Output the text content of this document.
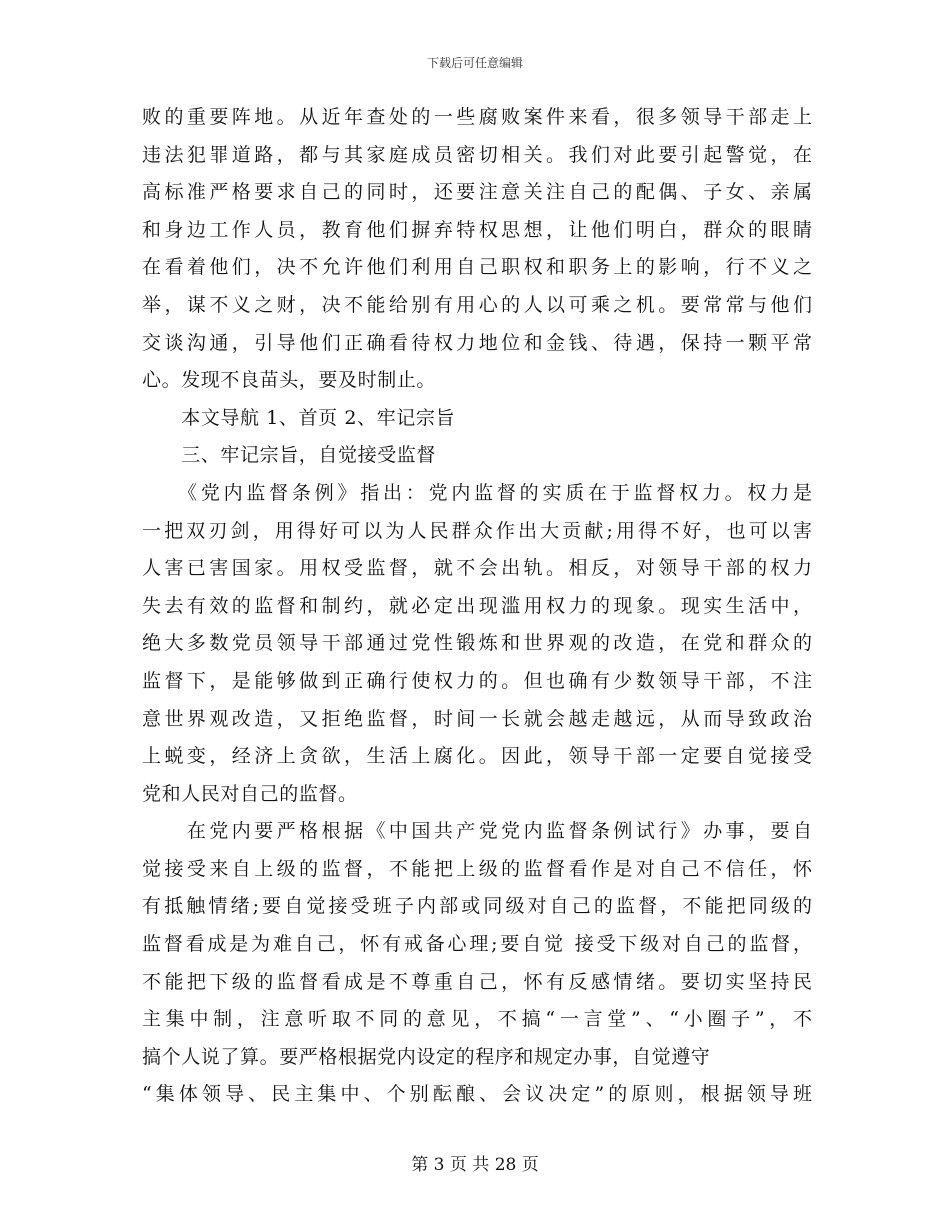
下载后可任意编辑
败的重要阵地。从近年查处的一些腐败案件来看，很多领导干部走上
违法犯罪道路，都与其家庭成员密切相关。我们对此要引起警觉，在
高标准严格要求自己的同时，还要注意关注自己的配偶、子女、亲属
和身边工作人员，教育他们摒弃特权思想，让他们明白，群众的眼睛
在看着他们，决不允许他们利用自己职权和职务上的影响，行不义之
举，谋不义之财，决不能给别有用心的人以可乘之机。要常常与他们
交谈沟通，引导他们正确看待权力地位和金钱、待遇，保持一颗平常
心。发现不良苗头，要及时制止。
　　本文导航 1、首页 2、牢记宗旨
　　三、牢记宗旨，自觉接受监督
　　《党内监督条例》指出：党内监督的实质在于监督权力。权力是
一把双刃剑，用得好可以为人民群众作出大贡献;用得不好，也可以害
人害已害国家。用权受监督，就不会出轨。相反，对领导干部的权力
失去有效的监督和制约，就必定出现滥用权力的现象。现实生活中，
绝大多数党员领导干部通过党性锻炼和世界观的改造，在党和群众的
监督下，是能够做到正确行使权力的。但也确有少数领导干部，不注
意世界观改造，又拒绝监督，时间一长就会越走越远，从而导致政治
上蜕变，经济上贪欲，生活上腐化。因此，领导干部一定要自觉接受
党和人民对自己的监督。
　　在党内要严格根据《中国共产党党内监督条例试行》办事，要自
觉接受来自上级的监督，不能把上级的监督看作是对自己不信任，怀
有抵触情绪;要自觉接受班子内部或同级对自己的监督，不能把同级的
监督看成是为难自己，怀有戒备心理;要自觉 接受下级对自己的监督，
不能把下级的监督看成是不尊重自己，怀有反感情绪。要切实坚持民
主集中制，注意听取不同的意见，不搞“一言堂”、“小圈子”，不
搞个人说了算。要严格根据党内设定的程序和规定办事，自觉遵守
“集体领导、民主集中、个别酝酿、会议决定”的原则，根据领导班
第 3 页 共 28 页
